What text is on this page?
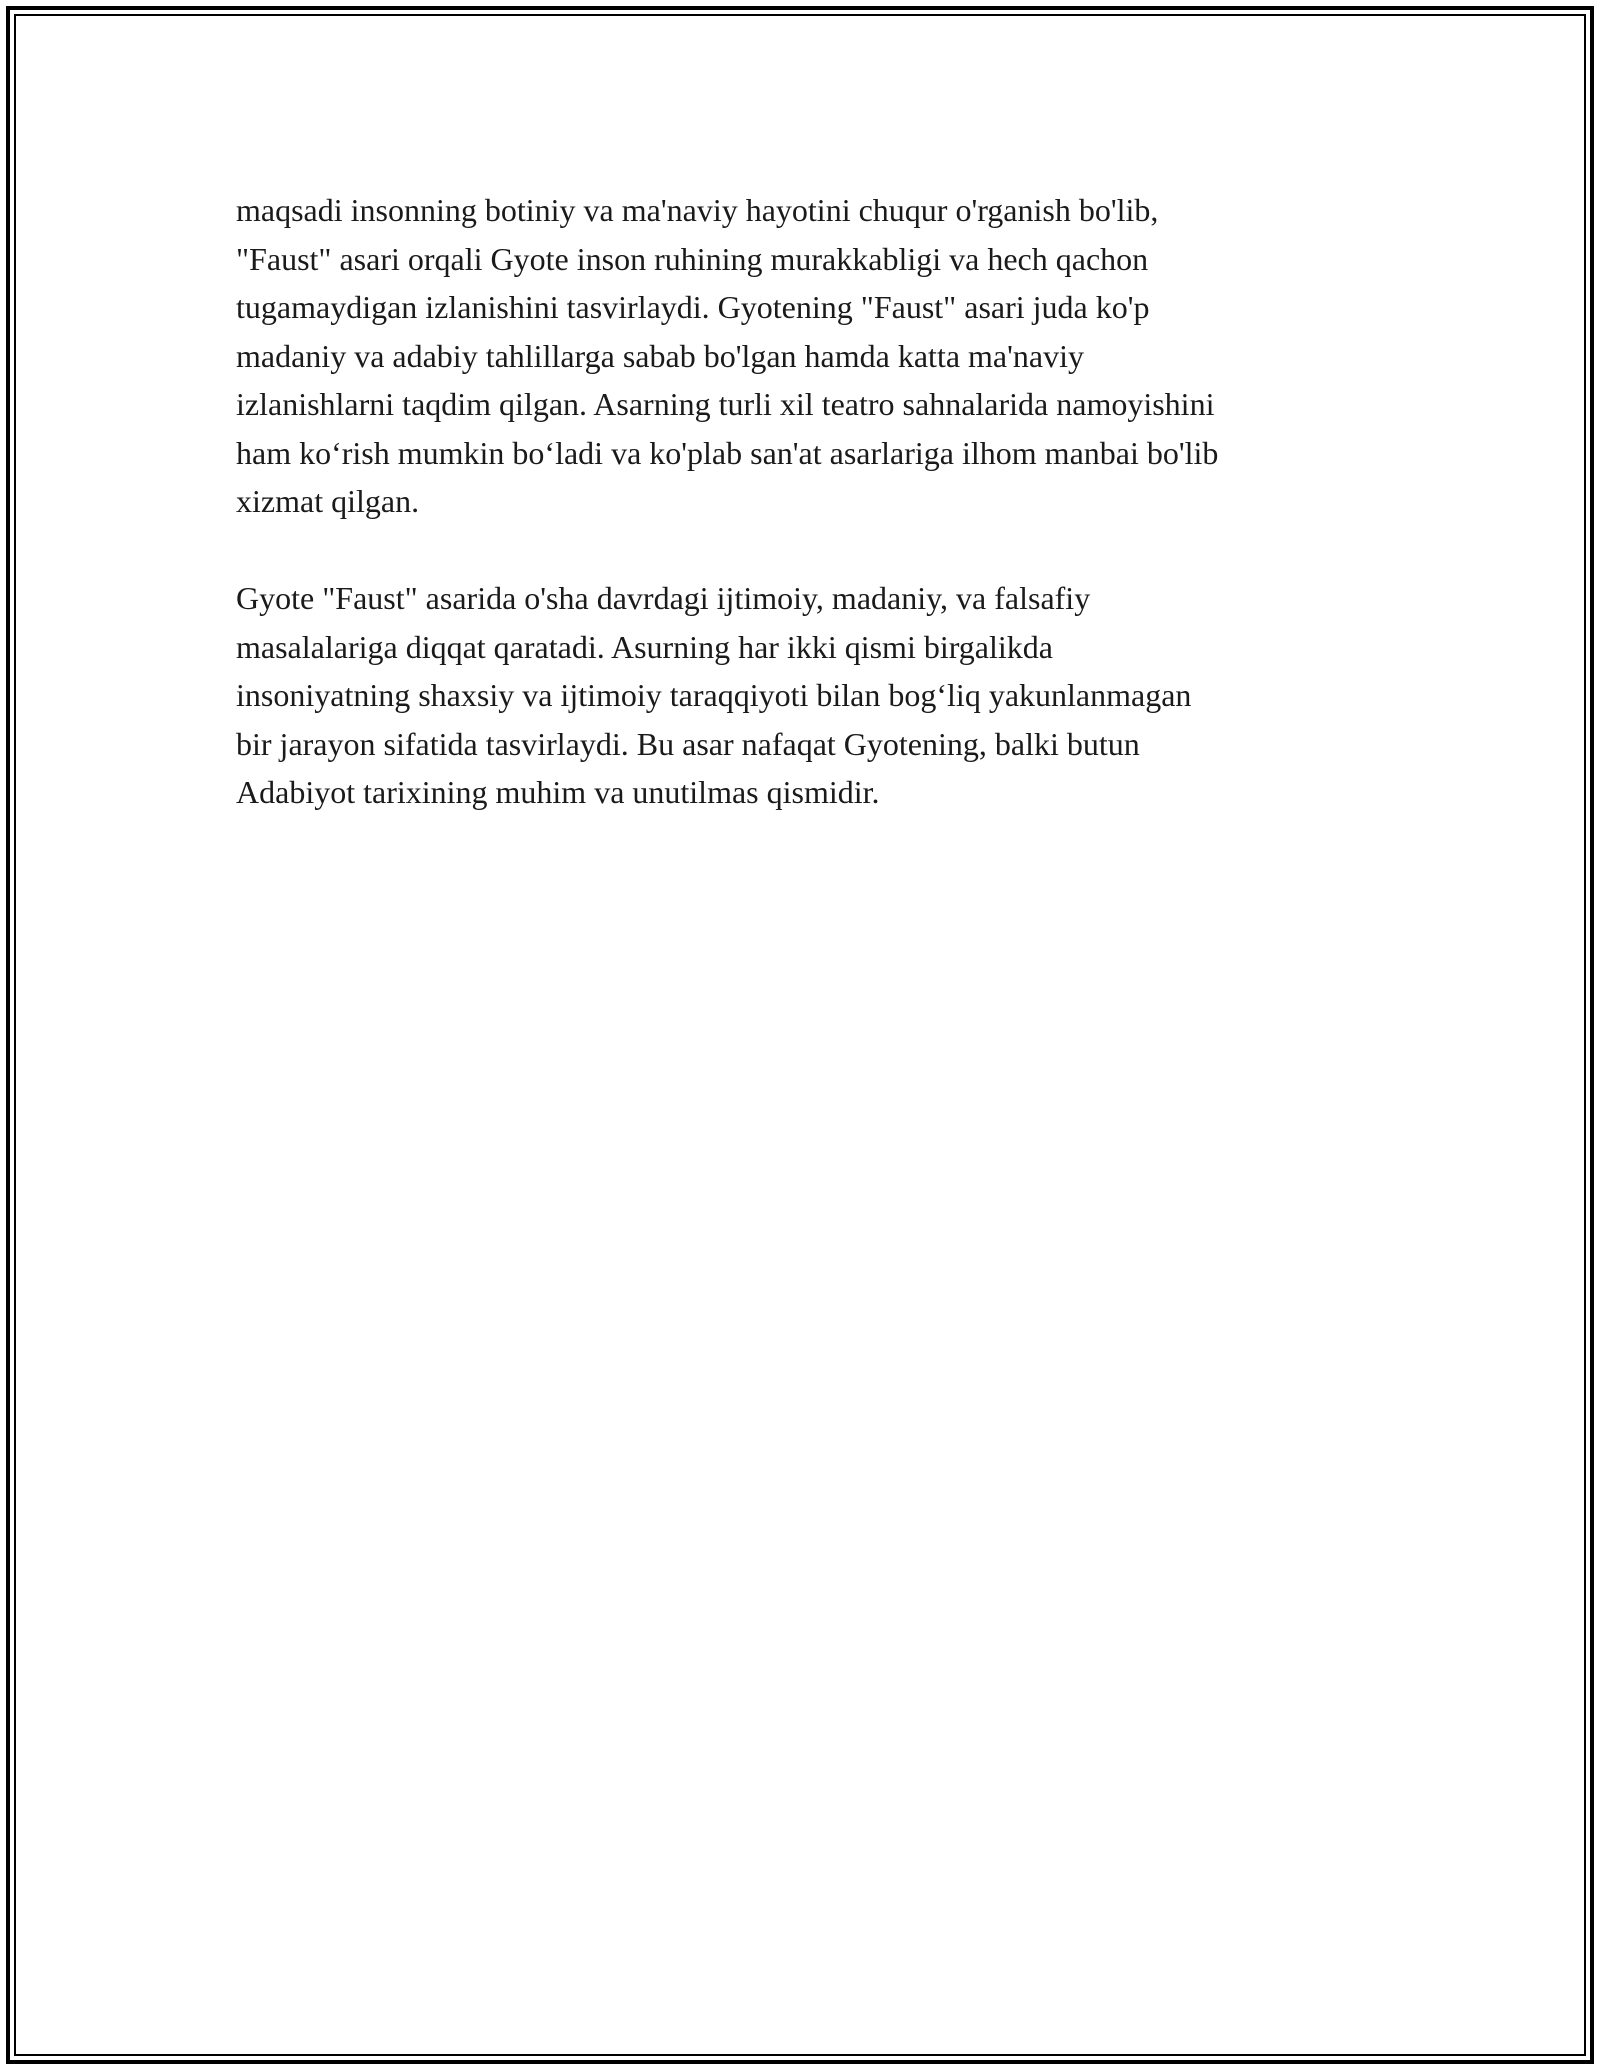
maqsadi insonning botiniy va ma'naviy hayotini chuqur o'rganish bo'lib,
"Faust" asari orqali Gyote inson ruhining murakkabligi va hech qachon
tugamaydigan izlanishini tasvirlaydi. Gyotening "Faust" asari juda ko'p
madaniy va adabiy tahlillarga sabab bo'lgan hamda katta ma'naviy
izlanishlarni taqdim qilgan. Asarning turli xil teatro sahnalarida namoyishini
ham ko‘rish mumkin bo‘ladi va ko'plab san'at asarlariga ilhom manbai bo'lib
xizmat qilgan.

Gyote "Faust" asarida o'sha davrdagi ijtimoiy, madaniy, va falsafiy
masalalariga diqqat qaratadi. Asurning har ikki qismi birgalikda
insoniyatning shaxsiy va ijtimoiy taraqqiyoti bilan bog‘liq yakunlanmagan
bir jarayon sifatida tasvirlaydi. Bu asar nafaqat Gyotening, balki butun
Adabiyot tarixining muhim va unutilmas qismidir.
